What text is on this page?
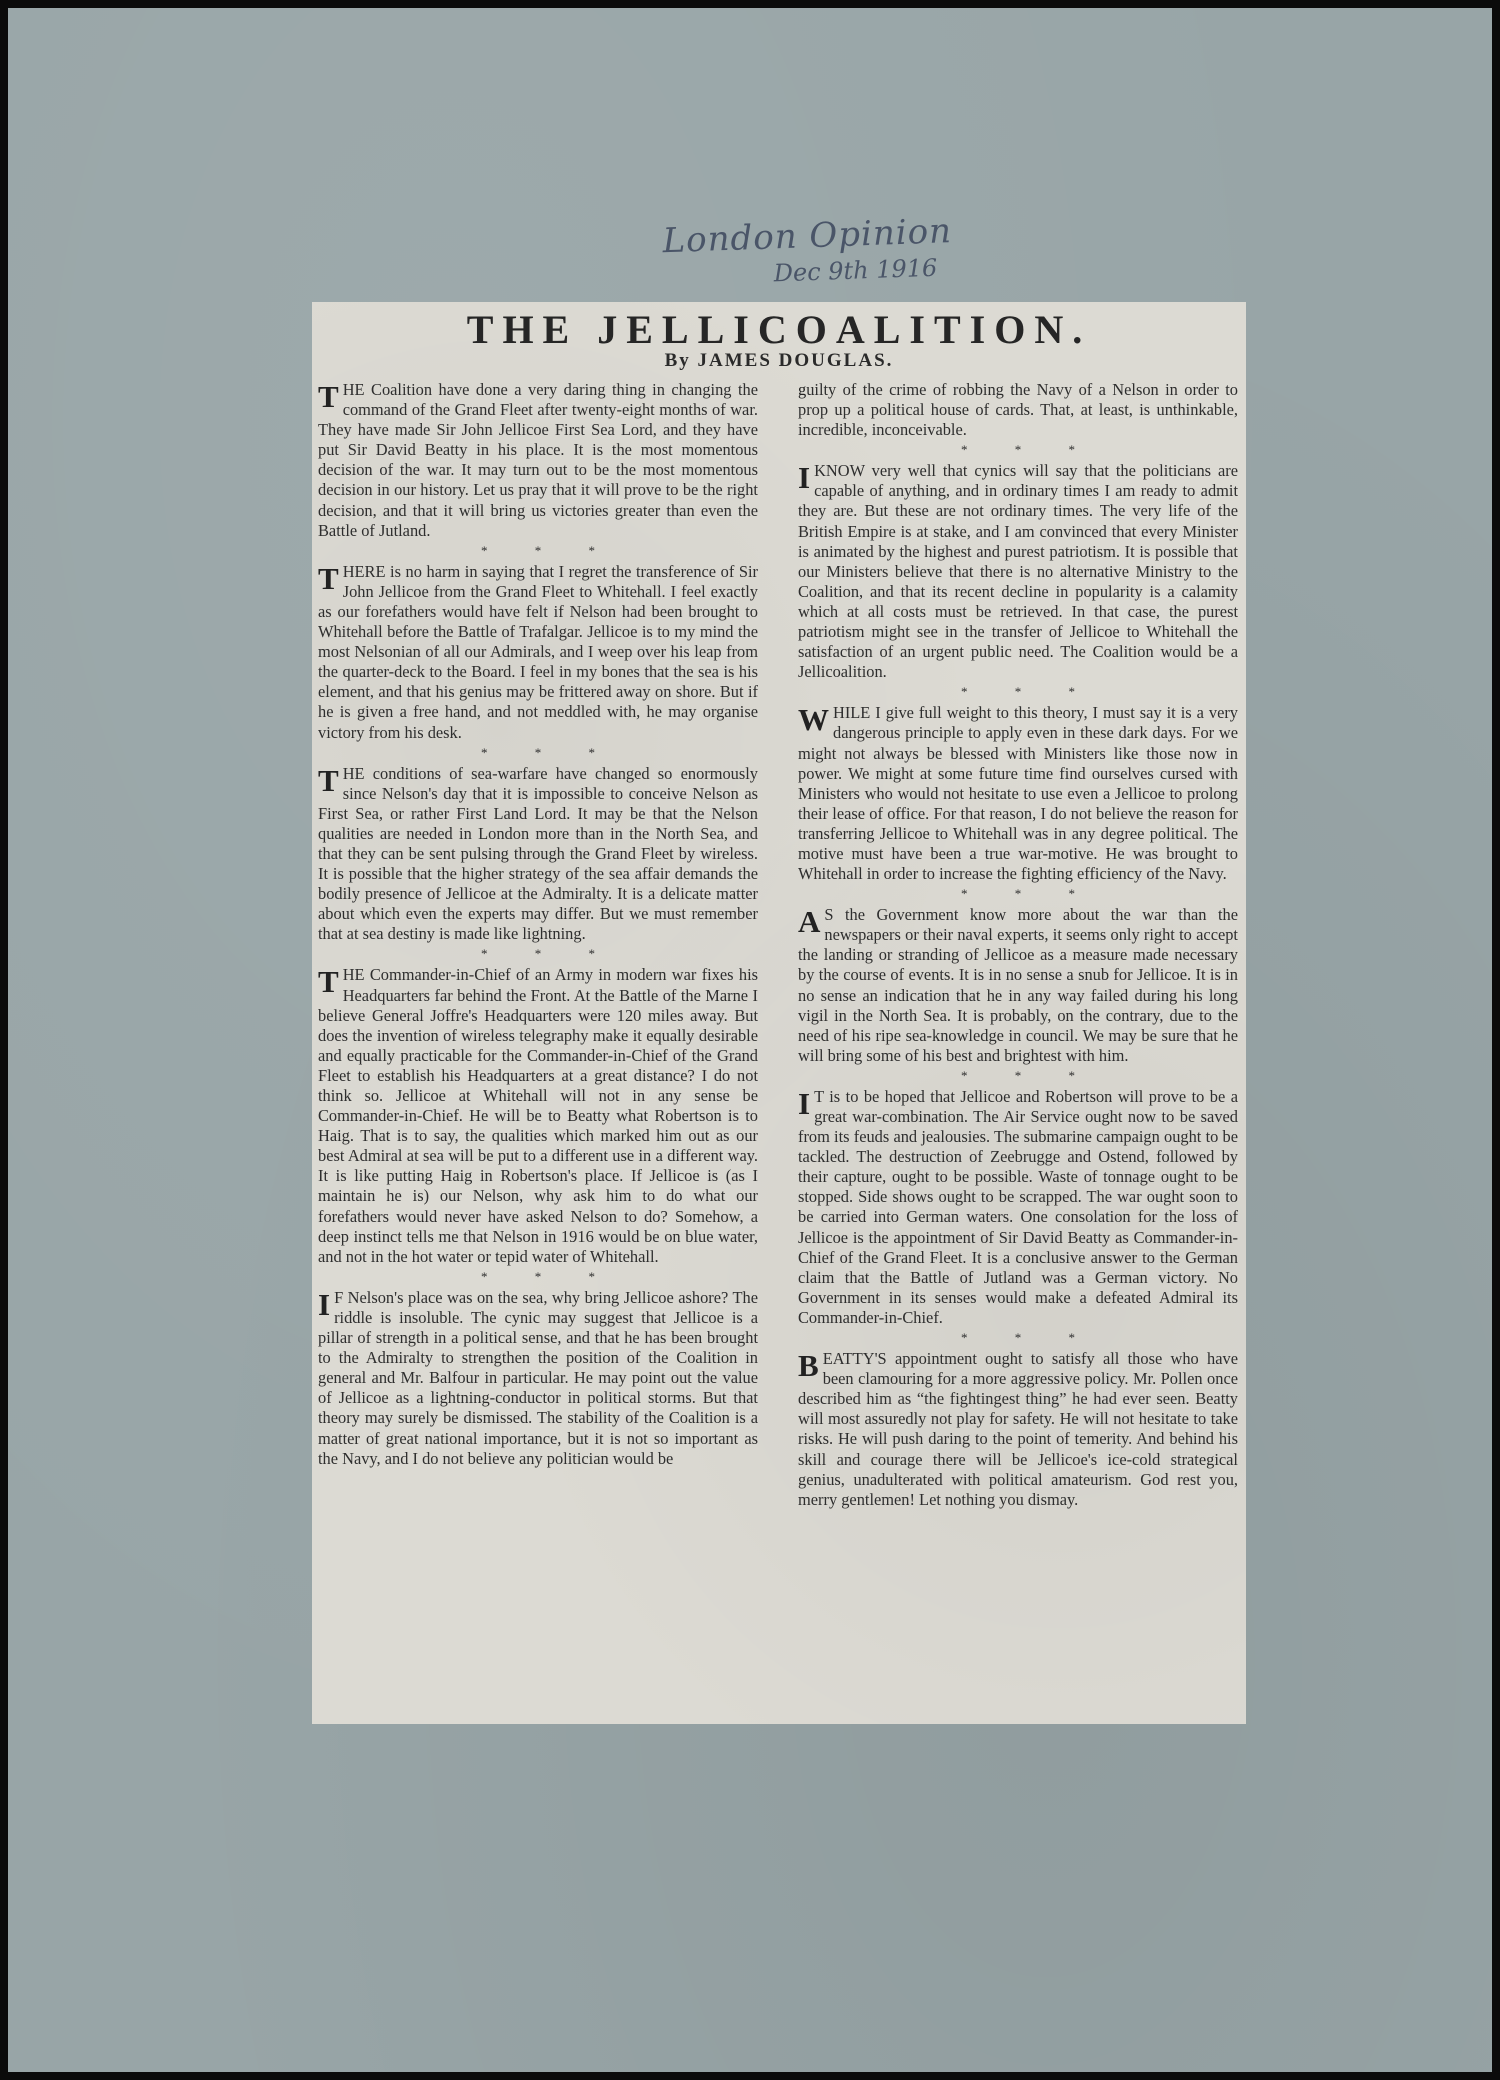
London Opinion
Dec 9th 1916
THE JELLICOALITION.
By JAMES DOUGLAS.

THE Coalition have done a very daring thing in changing the command of the Grand Fleet after twenty-eight months of war. They have made Sir John Jellicoe First Sea Lord, and they have put Sir David Beatty in his place. It is the most momentous decision of the war. It may turn out to be the most momentous decision in our history. Let us pray that it will prove to be the right decision, and that it will bring us victories greater than even the Battle of Jutland.

* * *

THERE is no harm in saying that I regret the transference of Sir John Jellicoe from the Grand Fleet to Whitehall. I feel exactly as our forefathers would have felt if Nelson had been brought to Whitehall before the Battle of Trafalgar. Jellicoe is to my mind the most Nelsonian of all our Admirals, and I weep over his leap from the quarter-deck to the Board. I feel in my bones that the sea is his element, and that his genius may be frittered away on shore. But if he is given a free hand, and not meddled with, he may organise victory from his desk.

* * *

THE conditions of sea-warfare have changed so enormously since Nelson's day that it is impossible to conceive Nelson as First Sea, or rather First Land Lord. It may be that the Nelson qualities are needed in London more than in the North Sea, and that they can be sent pulsing through the Grand Fleet by wireless. It is possible that the higher strategy of the sea affair demands the bodily presence of Jellicoe at the Admiralty. It is a delicate matter about which even the experts may differ. But we must remember that at sea destiny is made like lightning.

* * *

THE Commander-in-Chief of an Army in modern war fixes his Headquarters far behind the Front. At the Battle of the Marne I believe General Joffre's Headquarters were 120 miles away. But does the invention of wireless telegraphy make it equally desirable and equally practicable for the Commander-in-Chief of the Grand Fleet to establish his Headquarters at a great distance? I do not think so. Jellicoe at Whitehall will not in any sense be Commander-in-Chief. He will be to Beatty what Robertson is to Haig. That is to say, the qualities which marked him out as our best Admiral at sea will be put to a different use in a different way. It is like putting Haig in Robertson's place. If Jellicoe is (as I maintain he is) our Nelson, why ask him to do what our forefathers would never have asked Nelson to do? Somehow, a deep instinct tells me that Nelson in 1916 would be on blue water, and not in the hot water or tepid water of Whitehall.

* * *

IF Nelson's place was on the sea, why bring Jellicoe ashore? The riddle is insoluble. The cynic may suggest that Jellicoe is a pillar of strength in a political sense, and that he has been brought to the Admiralty to strengthen the position of the Coalition in general and Mr. Balfour in particular. He may point out the value of Jellicoe as a lightning-conductor in political storms. But that theory may surely be dismissed. The stability of the Coalition is a matter of great national importance, but it is not so important as the Navy, and I do not believe any politician would be

guilty of the crime of robbing the Navy of a Nelson in order to prop up a political house of cards. That, at least, is unthinkable, incredible, inconceivable.

* * *

IKNOW very well that cynics will say that the politicians are capable of anything, and in ordinary times I am ready to admit they are. But these are not ordinary times. The very life of the British Empire is at stake, and I am convinced that every Minister is animated by the highest and purest patriotism. It is possible that our Ministers believe that there is no alternative Ministry to the Coalition, and that its recent decline in popularity is a calamity which at all costs must be retrieved. In that case, the purest patriotism might see in the transfer of Jellicoe to Whitehall the satisfaction of an urgent public need. The Coalition would be a Jellicoalition.

* * *

WHILE I give full weight to this theory, I must say it is a very dangerous principle to apply even in these dark days. For we might not always be blessed with Ministers like those now in power. We might at some future time find ourselves cursed with Ministers who would not hesitate to use even a Jellicoe to prolong their lease of office. For that reason, I do not believe the reason for transferring Jellicoe to Whitehall was in any degree political. The motive must have been a true war-motive. He was brought to Whitehall in order to increase the fighting efficiency of the Navy.

* * *

AS the Government know more about the war than the newspapers or their naval experts, it seems only right to accept the landing or stranding of Jellicoe as a measure made necessary by the course of events. It is in no sense a snub for Jellicoe. It is in no sense an indication that he in any way failed during his long vigil in the North Sea. It is probably, on the contrary, due to the need of his ripe sea-knowledge in council. We may be sure that he will bring some of his best and brightest with him.

* * *

IT is to be hoped that Jellicoe and Robertson will prove to be a great war-combination. The Air Service ought now to be saved from its feuds and jealousies. The submarine campaign ought to be tackled. The destruction of Zeebrugge and Ostend, followed by their capture, ought to be possible. Waste of tonnage ought to be stopped. Side shows ought to be scrapped. The war ought soon to be carried into German waters. One consolation for the loss of Jellicoe is the appointment of Sir David Beatty as Commander-in-Chief of the Grand Fleet. It is a conclusive answer to the German claim that the Battle of Jutland was a German victory. No Government in its senses would make a defeated Admiral its Commander-in-Chief.

* * *

BEATTY'S appointment ought to satisfy all those who have been clamouring for a more aggressive policy. Mr. Pollen once described him as “the fightingest thing” he had ever seen. Beatty will most assuredly not play for safety. He will not hesitate to take risks. He will push daring to the point of temerity. And behind his skill and courage there will be Jellicoe's ice-cold strategical genius, unadulterated with political amateurism. God rest you, merry gentlemen! Let nothing you dismay.
